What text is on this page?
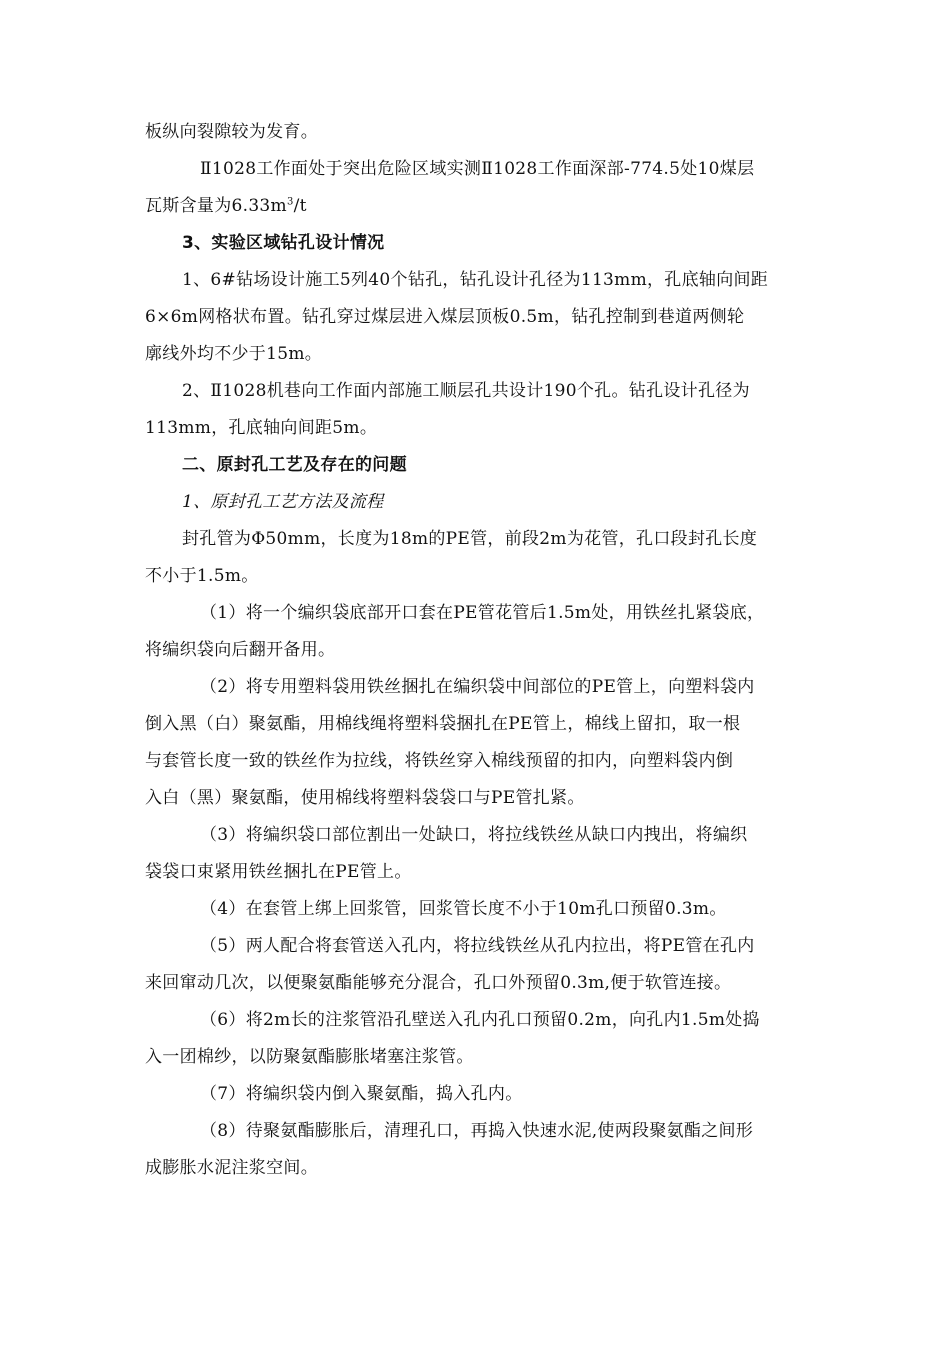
板纵向裂隙较为发育。
Ⅱ1028工作面处于突出危险区域实测Ⅱ1028工作面深部-774.5处10煤层
瓦斯含量为$6.33m^3/t$
3、实验区域钻孔设计情况
1、6#钻场设计施工5列40个钻孔，钻孔设计孔径为113mm，孔底轴向间距
6×6m网格状布置。钻孔穿过煤层进入煤层顶板0.5m，钻孔控制到巷道两侧轮
廓线外均不少于15m。
2、Ⅱ1028机巷向工作面内部施工顺层孔共设计190个孔。钻孔设计孔径为
113mm，孔底轴向间距5m。
二、原封孔工艺及存在的问题
1、原封孔工艺方法及流程
封孔管为Φ50mm，长度为18m的PE管，前段2m为花管，孔口段封孔长度
不小于1.5m。
（1）将一个编织袋底部开口套在PE管花管后1.5m处，用铁丝扎紧袋底，
将编织袋向后翻开备用。
（2）将专用塑料袋用铁丝捆扎在编织袋中间部位的PE管上，向塑料袋内
倒入黑（白）聚氨酯，用棉线绳将塑料袋捆扎在PE管上，棉线上留扣，取一根
与套管长度一致的铁丝作为拉线，将铁丝穿入棉线预留的扣内，向塑料袋内倒
入白（黑）聚氨酯，使用棉线将塑料袋袋口与PE管扎紧。
（3）将编织袋口部位割出一处缺口，将拉线铁丝从缺口内拽出，将编织
袋袋口束紧用铁丝捆扎在PE管上。
（4）在套管上绑上回浆管，回浆管长度不小于10m孔口预留0.3m。
（5）两人配合将套管送入孔内，将拉线铁丝从孔内拉出，将PE管在孔内
来回窜动几次，以便聚氨酯能够充分混合，孔口外预留0.3m,便于软管连接。
（6）将2m长的注浆管沿孔壁送入孔内孔口预留0.2m，向孔内1.5m处捣
入一团棉纱，以防聚氨酯膨胀堵塞注浆管。
（7）将编织袋内倒入聚氨酯，捣入孔内。
（8）待聚氨酯膨胀后，清理孔口，再捣入快速水泥,使两段聚氨酯之间形
成膨胀水泥注浆空间。
